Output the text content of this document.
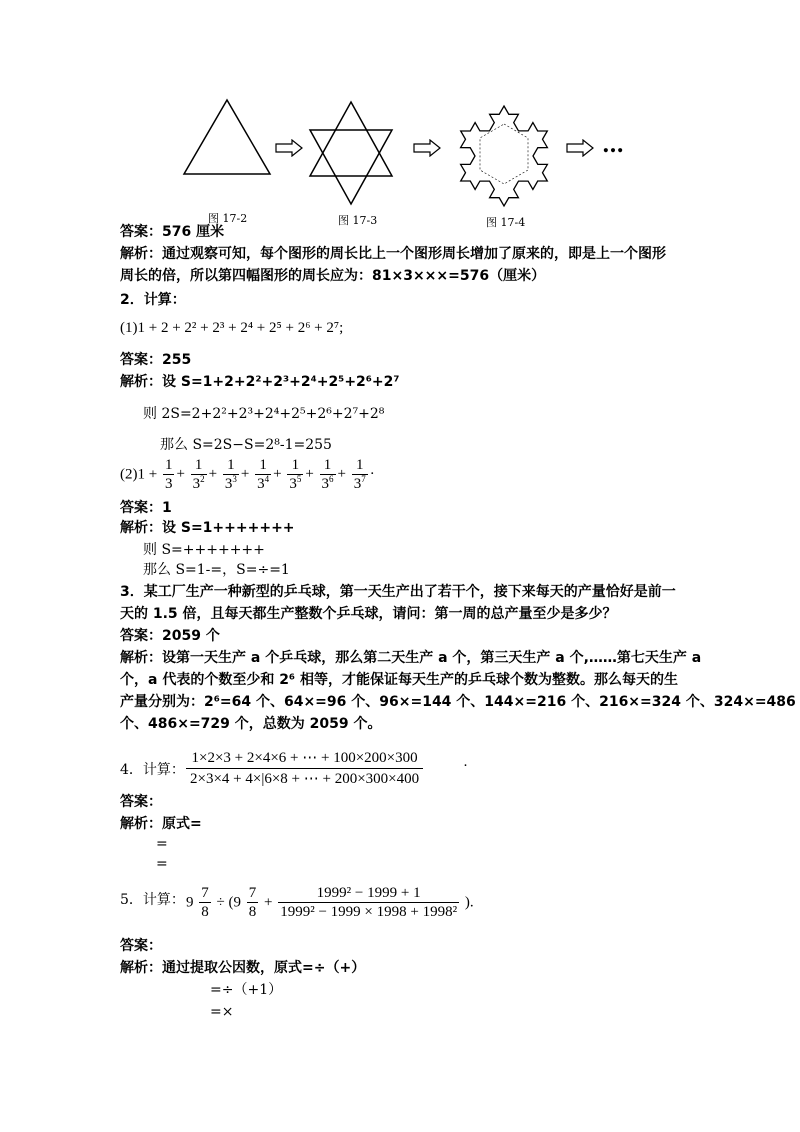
…
图 17-2	图 17-3	图 17-4
答案：576 厘米
解析：通过观察可知，每个图形的周长比上一个图形周长增加了原来的，即是上一个图形
周长的倍，所以第四幅图形的周长应为：81×3×××=576（厘米）
2．计算：
(1)1 + 2 + 2² + 2³ + 2⁴ + 2⁵ + 2⁶ + 2⁷;
答案：255
解析：设 S=1+2+2²+2³+2⁴+2⁵+2⁶+2⁷
则 2S=2+2²+2³+2⁴+2⁵+2⁶+2⁷+2⁸
那么 S=2S−S=2⁸-1=255
$(2)1 + \frac{1}{3} + \frac{1}{3^2} + \frac{1}{3^3} + \frac{1}{3^4} + \frac{1}{3^5} + \frac{1}{3^6} + \frac{1}{3^7}$ ·
答案：1
解析：设 S=1+++++++
则 S=+++++++
那么 S=1-=，S=÷=1
3．某工厂生产一种新型的乒乓球，第一天生产出了若干个，接下来每天的产量恰好是前一
天的 1.5 倍，且每天都生产整数个乒乓球，请问：第一周的总产量至少是多少？
答案：2059 个
解析：设第一天生产 a 个乒乓球，那么第二天生产 a 个，第三天生产 a 个,……第七天生产 a
个，a 代表的个数至少和 2⁶ 相等，才能保证每天生产的乒乓球个数为整数。那么每天的生
产量分别为：2⁶=64 个、64×=96 个、96×=144 个、144×=216 个、216×=324 个、324×=486
个、486×=729 个，总数为 2059 个。
4．计算： $\frac{1\times 2\times 3 + 2\times 4\times 6 + \cdots + 100\times 200\times 300}{2\times 3\times 4 + 4\times|6\times 8 + \cdots + 200\times 300\times 400}$	·
答案：
解析：原式=
=
=
5．计算： $9 \frac{7}{8} \div (9 \frac{7}{8} + \frac{\text{1999² − 1999 + 1}}{\text{1999² − 1999 × 1998 + 1998²}}$ ).
答案：
解析：通过提取公因数，原式=÷（+）
=÷（+1）
=×
